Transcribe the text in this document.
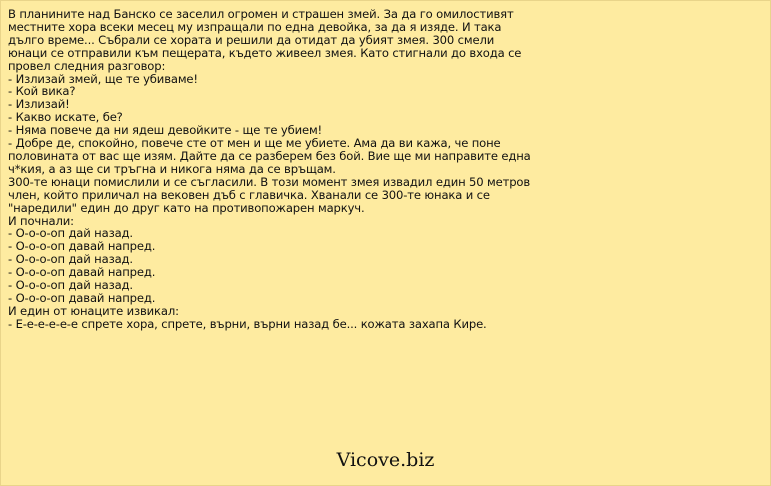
В планините над Банско се заселил огромен и страшен змей. За да го омилостивят
местните хора всеки месец му изпращали по една девойка, за да я изяде. И така
дълго време... Събрали се хората и решили да отидат да убият змея. 300 смели
юнаци се отправили към пещерата, където живеел змея. Като стигнали до входа се
провел следния разговор:
- Излизай змей, ще те убиваме!
- Кой вика?
- Излизай!
- Какво искате, бе?
- Няма повече да ни ядеш девойките - ще те убием!
- Добре де, спокойно, повече сте от мен и ще ме убиете. Ама да ви кажа, че поне
половината от вас ще изям. Дайте да се разберем без бой. Вие ще ми направите една
ч*кия, а аз ще си тръгна и никога няма да се връщам.
300-те юнаци помислили и се съгласили. В този момент змея извадил един 50 метров
член, който приличал на вековен дъб с главичка. Хванали се 300-те юнака и се
"наредили" един до друг като на противопожарен маркуч.
И почнали:
- О-о-о-оп дай назад.
- О-о-о-оп давай напред.
- О-о-о-оп дай назад.
- О-о-о-оп давай напред.
- О-о-о-оп дай назад.
- О-о-о-оп давай напред.
И един от юнаците извикал:
- Е-е-е-е-е-е спрете хора, спрете, върни, върни назад бе... кожата захапа Кире.
Vicove.biz
